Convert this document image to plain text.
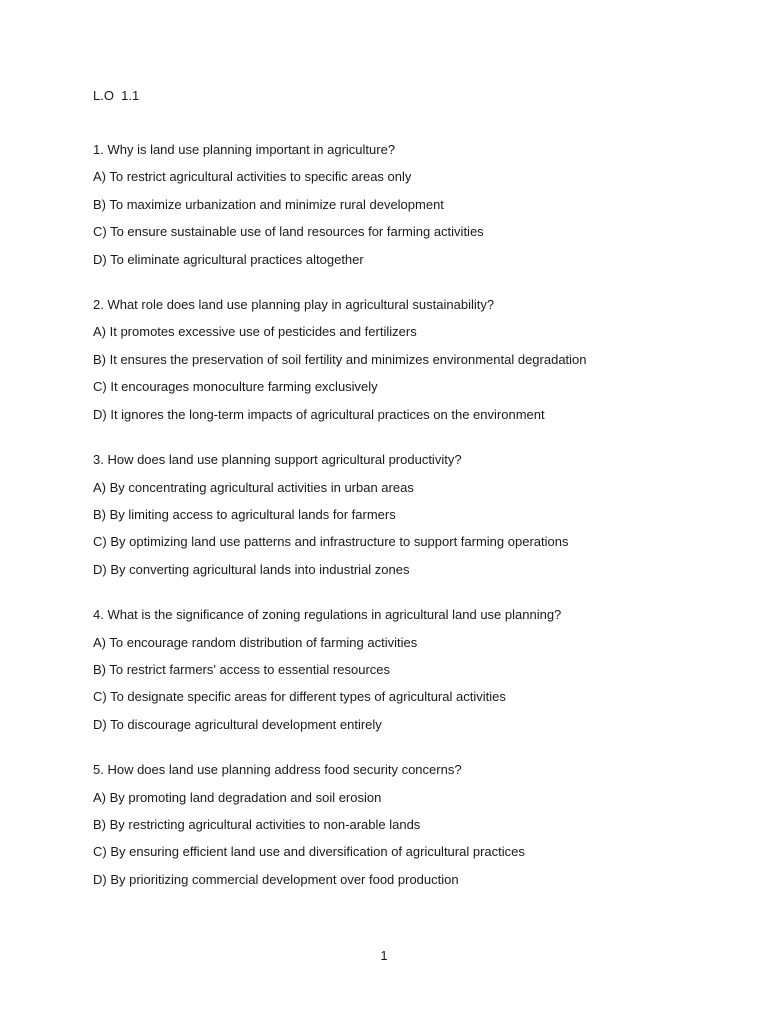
L.O  1.1
1. Why is land use planning important in agriculture?
A) To restrict agricultural activities to specific areas only
B) To maximize urbanization and minimize rural development
C) To ensure sustainable use of land resources for farming activities
D) To eliminate agricultural practices altogether
2. What role does land use planning play in agricultural sustainability?
A) It promotes excessive use of pesticides and fertilizers
B) It ensures the preservation of soil fertility and minimizes environmental degradation
C) It encourages monoculture farming exclusively
D) It ignores the long-term impacts of agricultural practices on the environment
3. How does land use planning support agricultural productivity?
A) By concentrating agricultural activities in urban areas
B) By limiting access to agricultural lands for farmers
C) By optimizing land use patterns and infrastructure to support farming operations
D) By converting agricultural lands into industrial zones
4. What is the significance of zoning regulations in agricultural land use planning?
A) To encourage random distribution of farming activities
B) To restrict farmers' access to essential resources
C) To designate specific areas for different types of agricultural activities
D) To discourage agricultural development entirely
5. How does land use planning address food security concerns?
A) By promoting land degradation and soil erosion
B) By restricting agricultural activities to non-arable lands
C) By ensuring efficient land use and diversification of agricultural practices
D) By prioritizing commercial development over food production
1
